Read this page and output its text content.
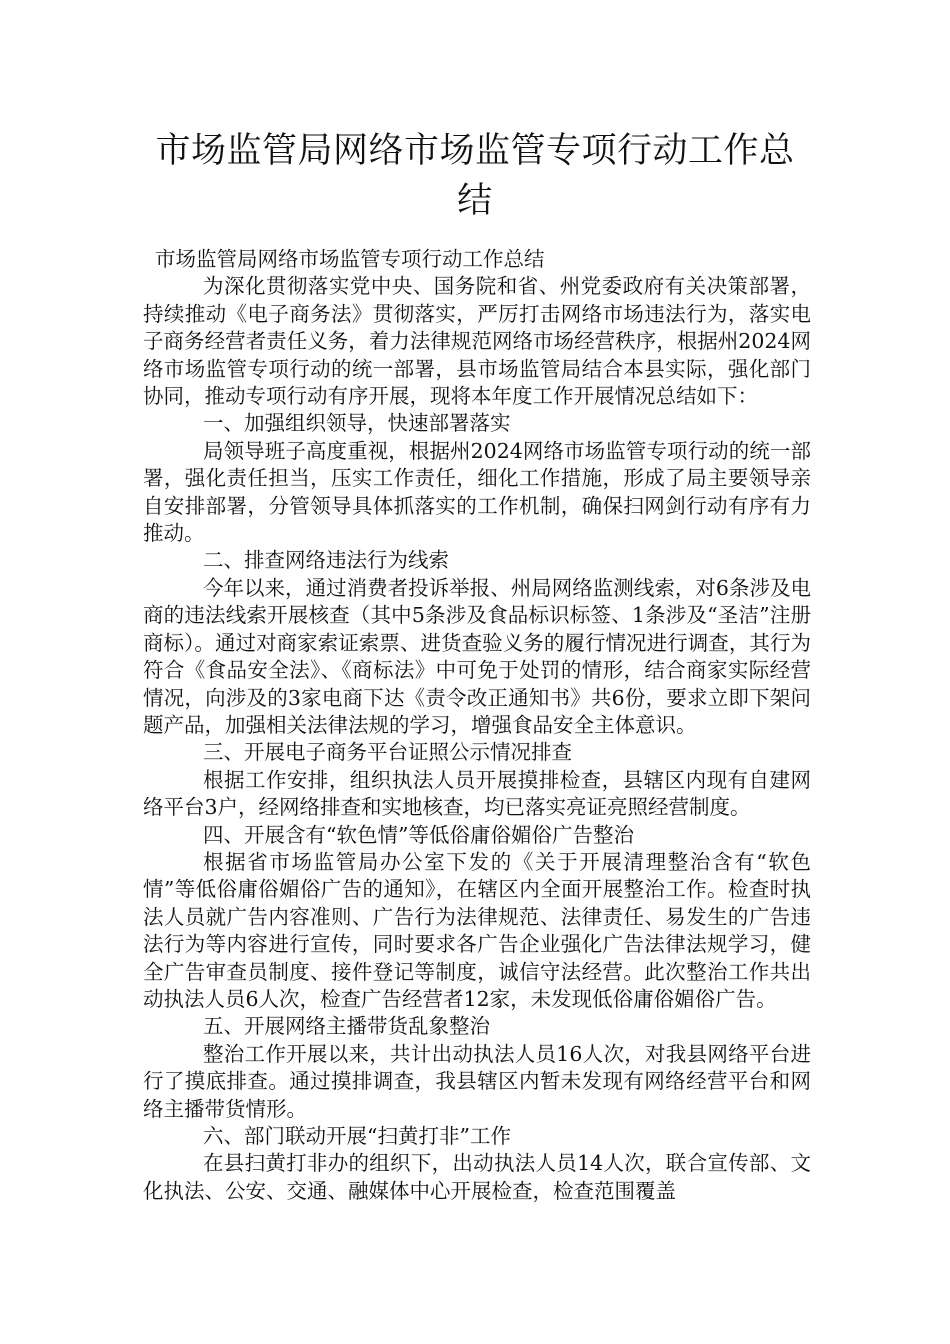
市场监管局网络市场监管专项行动工作总结

市场监管局网络市场监管专项行动工作总结

为深化贯彻落实党中央、国务院和省、州党委政府有关决策部署，持续推动《电子商务法》贯彻落实，严厉打击网络市场违法行为，落实电子商务经营者责任义务，着力法律规范网络市场经营秩序，根据州2024网络市场监管专项行动的统一部署，县市场监管局结合本县实际，强化部门协同，推动专项行动有序开展，现将本年度工作开展情况总结如下：

一、加强组织领导，快速部署落实

局领导班子高度重视，根据州2024网络市场监管专项行动的统一部署，强化责任担当，压实工作责任，细化工作措施，形成了局主要领导亲自安排部署，分管领导具体抓落实的工作机制，确保扫网剑行动有序有力推动。

二、排查网络违法行为线索

今年以来，通过消费者投诉举报、州局网络监测线索，对6条涉及电商的违法线索开展核查（其中5条涉及食品标识标签、1条涉及“圣洁”注册商标）。通过对商家索证索票、进货查验义务的履行情况进行调查，其行为符合《食品安全法》、《商标法》中可免于处罚的情形，结合商家实际经营情况，向涉及的3家电商下达《责令改正通知书》共6份，要求立即下架问题产品，加强相关法律法规的学习，增强食品安全主体意识。

三、开展电子商务平台证照公示情况排查

根据工作安排，组织执法人员开展摸排检查，县辖区内现有自建网络平台3户，经网络排查和实地核查，均已落实亮证亮照经营制度。

四、开展含有“软色情”等低俗庸俗媚俗广告整治

根据省市场监管局办公室下发的《关于开展清理整治含有“软色情”等低俗庸俗媚俗广告的通知》，在辖区内全面开展整治工作。检查时执法人员就广告内容准则、广告行为法律规范、法律责任、易发生的广告违法行为等内容进行宣传，同时要求各广告企业强化广告法律法规学习，健全广告审查员制度、接件登记等制度，诚信守法经营。此次整治工作共出动执法人员6人次，检查广告经营者12家，未发现低俗庸俗媚俗广告。

五、开展网络主播带货乱象整治

整治工作开展以来，共计出动执法人员16人次，对我县网络平台进行了摸底排查。通过摸排调查，我县辖区内暂未发现有网络经营平台和网络主播带货情形。

六、部门联动开展“扫黄打非”工作

在县扫黄打非办的组织下，出动执法人员14人次，联合宣传部、文化执法、公安、交通、融媒体中心开展检查，检查范围覆盖
